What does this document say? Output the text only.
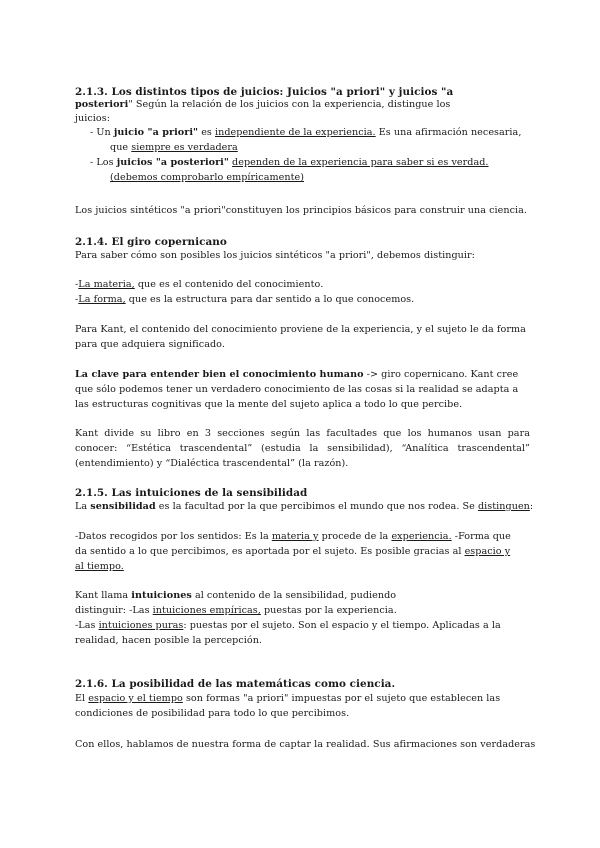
2.1.3. Los distintos tipos de juicios: Juicios "a priori" y juicios "a
posteriori" Según la relación de los juicios con la experiencia, distingue los
juicios:
- Un juicio "a priori" es independiente de la experiencia. Es una afirmación necesaria,
que siempre es verdadera
- Los juicios "a posteriori" dependen de la experiencia para saber si es verdad.
(debemos comprobarlo empíricamente)
Los juicios sintéticos "a priori"constituyen los principios básicos para construir una ciencia.
2.1.4. El giro copernicano
Para saber cómo son posibles los juicios sintéticos "a priori", debemos distinguir:
-La materia, que es el contenido del conocimiento.
-La forma, que es la estructura para dar sentido a lo que conocemos.
Para Kant, el contenido del conocimiento proviene de la experiencia, y el sujeto le da forma
para que adquiera significado.
La clave para entender bien el conocimiento humano -> giro copernicano. Kant cree
que sólo podemos tener un verdadero conocimiento de las cosas si la realidad se adapta a
las estructuras cognitivas que la mente del sujeto aplica a todo lo que percibe.
Kant divide su libro en 3 secciones según las facultades que los humanos usan para
conocer: “Estética trascendental” (estudia la sensibilidad), “Analítica trascendental”
(entendimiento) y “Dialéctica trascendental” (la razón).
2.1.5. Las intuiciones de la sensibilidad
La sensibilidad es la facultad por la que percibimos el mundo que nos rodea. Se distinguen:
-Datos recogidos por los sentidos: Es la materia y procede de la experiencia. -Forma que
da sentido a lo que percibimos, es aportada por el sujeto. Es posible gracias al espacio y
al tiempo.
Kant llama intuiciones al contenido de la sensibilidad, pudiendo
distinguir: -Las intuiciones empíricas, puestas por la experiencia.
-Las intuiciones puras: puestas por el sujeto. Son el espacio y el tiempo. Aplicadas a la
realidad, hacen posible la percepción.
2.1.6. La posibilidad de las matemáticas como ciencia.
El espacio y el tiempo son formas "a priori" impuestas por el sujeto que establecen las
condiciones de posibilidad para todo lo que percibimos.
Con ellos, hablamos de nuestra forma de captar la realidad. Sus afirmaciones son verdaderas
